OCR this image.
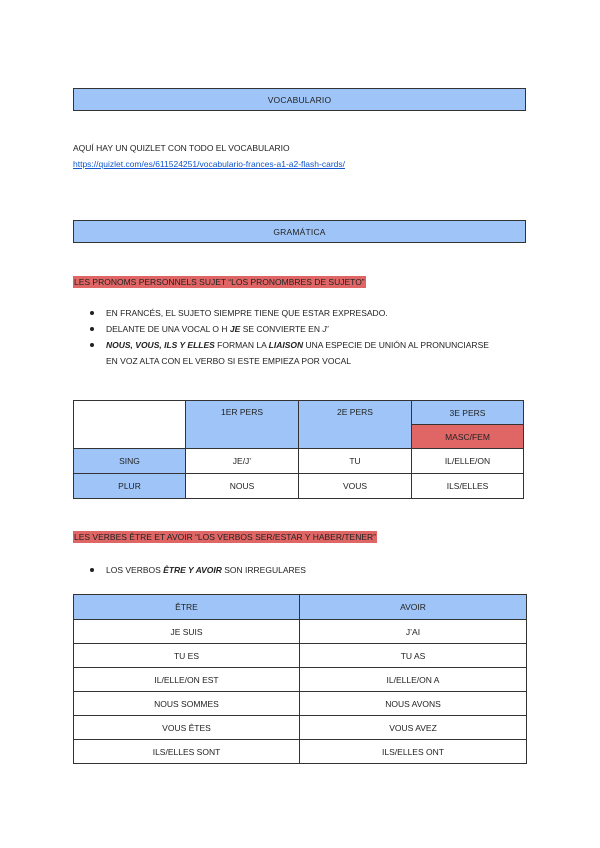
VOCABULARIO
AQUÍ HAY UN QUIZLET CON TODO EL VOCABULARIO
https://quizlet.com/es/611524251/vocabulario-frances-a1-a2-flash-cards/
GRAMÁTICA
LES PRONOMS PERSONNELS SUJET “LOS PRONOMBRES DE SUJETO”
EN FRANCÉS, EL SUJETO SIEMPRE TIENE QUE ESTAR EXPRESADO.
DELANTE DE UNA VOCAL O H JE SE CONVIERTE EN J’
NOUS, VOUS, ILS Y ELLES FORMAN LA LIAISON UNA ESPECIE DE UNIÓN AL PRONUNCIARSE
EN VOZ ALTA CON EL VERBO SI ESTE EMPIEZA POR VOCAL
	1ER PERS	2E PERS	3E PERS
			MASC/FEM
SING	JE/J’	TU	IL/ELLE/ON
PLUR	NOUS	VOUS	ILS/ELLES
LES VERBES ÊTRE ET AVOIR “LOS VERBOS SER/ESTAR Y HABER/TENER”
LOS VERBOS ÊTRE Y AVOIR SON IRREGULARES
ÊTRE	AVOIR
JE SUIS	J’AI
TU ES	TU AS
IL/ELLE/ON EST	IL/ELLE/ON A
NOUS SOMMES	NOUS AVONS
VOUS ÊTES	VOUS AVEZ
ILS/ELLES SONT	ILS/ELLES ONT
